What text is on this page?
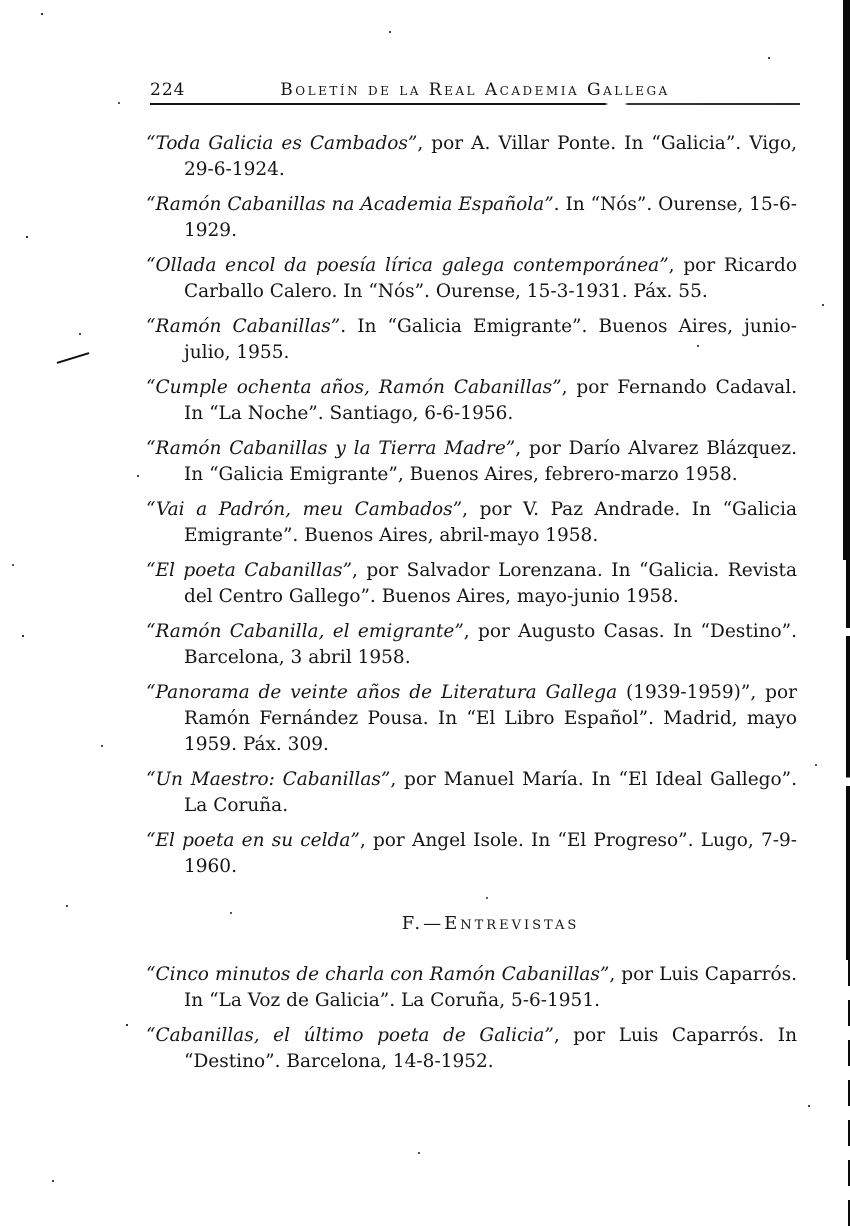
224	Boletín de la Real Academia Gallega

“Toda Galicia es Cambados”, por A. Villar Ponte. In “Galicia”. Vigo, 29-6-1924.

“Ramón Cabanillas na Academia Española”. In “Nós”. Ourense, 15-6-1929.

“Ollada encol da poesía lírica galega contemporánea”, por Ricardo Carballo Calero. In “Nós”. Ourense, 15-3-1931. Páx. 55.

“Ramón Cabanillas”. In “Galicia Emigrante”. Buenos Aires, junio-julio, 1955.

“Cumple ochenta años, Ramón Cabanillas”, por Fernando Cadaval. In “La Noche”. Santiago, 6-6-1956.

“Ramón Cabanillas y la Tierra Madre”, por Darío Alvarez Blázquez. In “Galicia Emigrante”, Buenos Aires, febrero-marzo 1958.

“Vai a Padrón, meu Cambados”, por V. Paz Andrade. In “Galicia Emigrante”. Buenos Aires, abril-mayo 1958.

“El poeta Cabanillas”, por Salvador Lorenzana. In “Galicia. Revista del Centro Gallego”. Buenos Aires, mayo-junio 1958.

“Ramón Cabanilla, el emigrante”, por Augusto Casas. In “Destino”. Barcelona, 3 abril 1958.

“Panorama de veinte años de Literatura Gallega (1939-1959)”, por Ramón Fernández Pousa. In “El Libro Español”. Madrid, mayo 1959. Páx. 309.

“Un Maestro: Cabanillas”, por Manuel María. In “El Ideal Gallego”. La Coruña.

“El poeta en su celda”, por Angel Isole. In “El Progreso”. Lugo, 7-9-1960.

F.—Entrevistas

“Cinco minutos de charla con Ramón Cabanillas”, por Luis Caparrós. In “La Voz de Galicia”. La Coruña, 5-6-1951.

“Cabanillas, el último poeta de Galicia”, por Luis Caparrós. In “Destino”. Barcelona, 14-8-1952.
